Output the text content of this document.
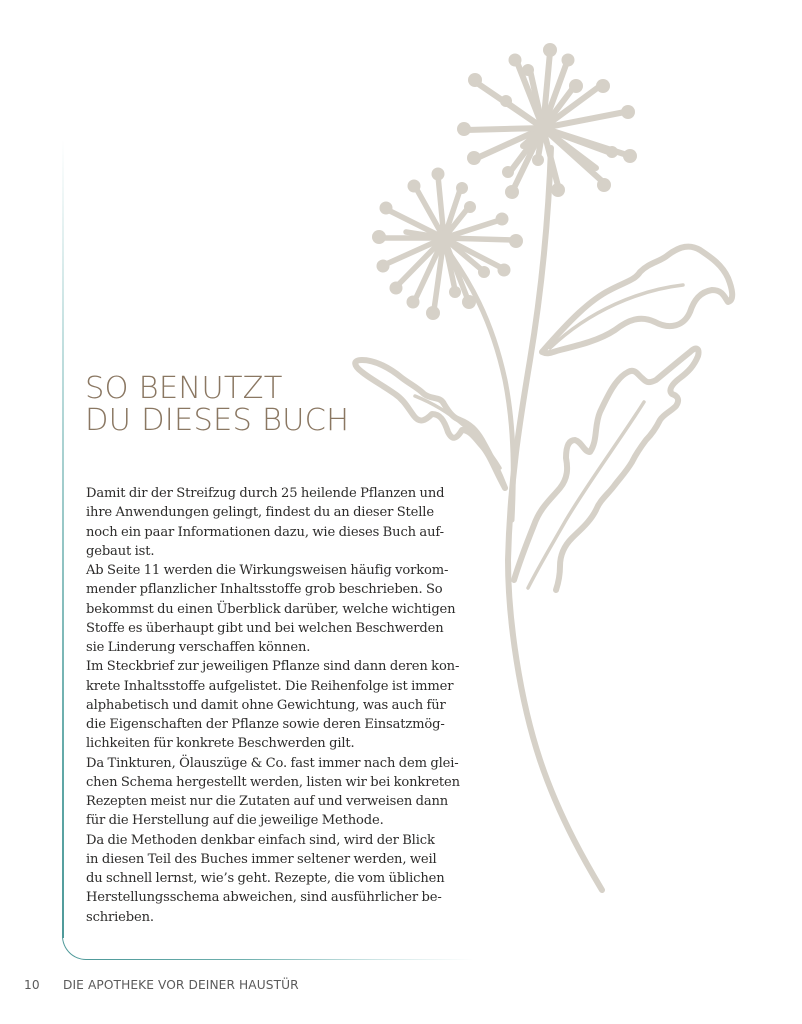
SO BENUTZT
DU DIESES BUCH
Damit dir der Streifzug durch 25 heilende Pflanzen und
ihre Anwendungen gelingt, findest du an dieser Stelle
noch ein paar Informationen dazu, wie dieses Buch auf-
gebaut ist.
Ab Seite 11 werden die Wirkungsweisen häufig vorkom-
mender pflanzlicher Inhaltsstoffe grob beschrieben. So
bekommst du einen Überblick darüber, welche wichtigen
Stoffe es überhaupt gibt und bei welchen Beschwerden
sie Linderung verschaffen können.
Im Steckbrief zur jeweiligen Pflanze sind dann deren kon-
krete Inhaltsstoffe aufgelistet. Die Reihenfolge ist immer
alphabetisch und damit ohne Gewichtung, was auch für
die Eigenschaften der Pflanze sowie deren Einsatzmög-
lichkeiten für konkrete Beschwerden gilt.
Da Tinkturen, Ölauszüge & Co. fast immer nach dem glei-
chen Schema hergestellt werden, listen wir bei konkreten
Rezepten meist nur die Zutaten auf und verweisen dann
für die Herstellung auf die jeweilige Methode.
Da die Methoden denkbar einfach sind, wird der Blick
in diesen Teil des Buches immer seltener werden, weil
du schnell lernst, wie’s geht. Rezepte, die vom üblichen
Herstellungsschema abweichen, sind ausführlicher be-
schrieben.
10 DIE APOTHEKE VOR DEINER HAUSTÜR
